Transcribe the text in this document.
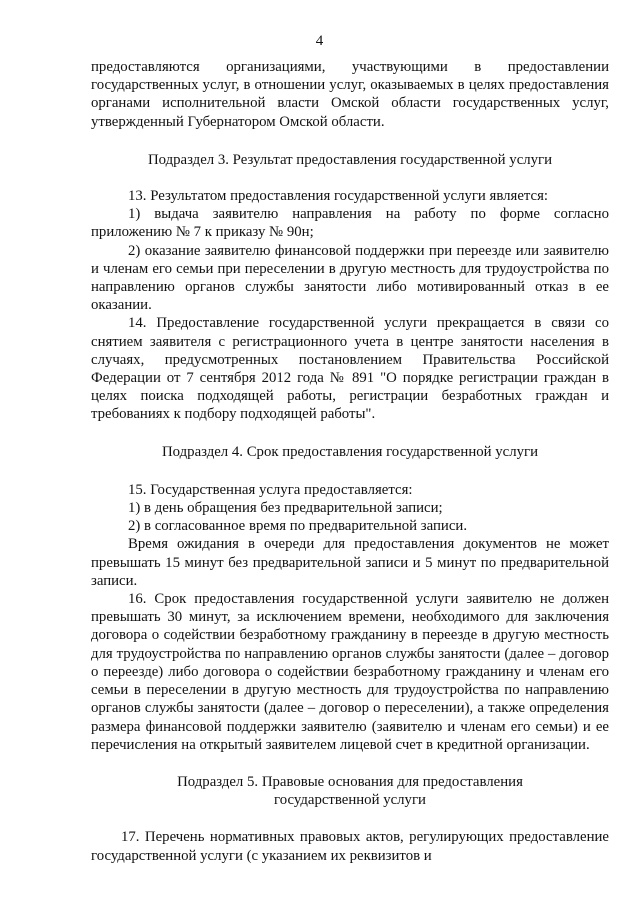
4

предоставляются организациями, участвующими в предоставлении государственных услуг, в отношении услуг, оказываемых в целях предоставления органами исполнительной власти Омской области государственных услуг, утвержденный Губернатором Омской области.

Подраздел 3. Результат предоставления государственной услуги

13. Результатом предоставления государственной услуги является:

1) выдача заявителю направления на работу по форме согласно приложению № 7 к приказу № 90н;

2) оказание заявителю финансовой поддержки при переезде или заявителю и членам его семьи при переселении в другую местность для трудоустройства по направлению органов службы занятости либо мотивированный отказ в ее оказании.

14. Предоставление государственной услуги прекращается в связи со снятием заявителя с регистрационного учета в центре занятости населения в случаях, предусмотренных постановлением Правительства Российской Федерации от 7 сентября 2012 года № 891 "О порядке регистрации граждан в целях поиска подходящей работы, регистрации безработных граждан и требованиях к подбору подходящей работы".

Подраздел 4. Срок предоставления государственной услуги

15. Государственная услуга предоставляется:

1) в день обращения без предварительной записи;

2) в согласованное время по предварительной записи.

Время ожидания в очереди для предоставления документов не может превышать 15 минут без предварительной записи и 5 минут по предварительной записи.

16. Срок предоставления государственной услуги заявителю не должен превышать 30 минут, за исключением времени, необходимого для заключения договора о содействии безработному гражданину в переезде в другую местность для трудоустройства по направлению органов службы занятости (далее – договор о переезде) либо договора о содействии безработному гражданину и членам его семьи в переселении в другую местность для трудоустройства по направлению органов службы занятости (далее – договор о переселении), а также определения размера финансовой поддержки заявителю (заявителю и членам его семьи) и ее перечисления на открытый заявителем лицевой счет в кредитной организации.

Подраздел 5. Правовые основания для предоставления
государственной услуги

17. Перечень нормативных правовых актов, регулирующих предоставление государственной услуги (с указанием их реквизитов и
